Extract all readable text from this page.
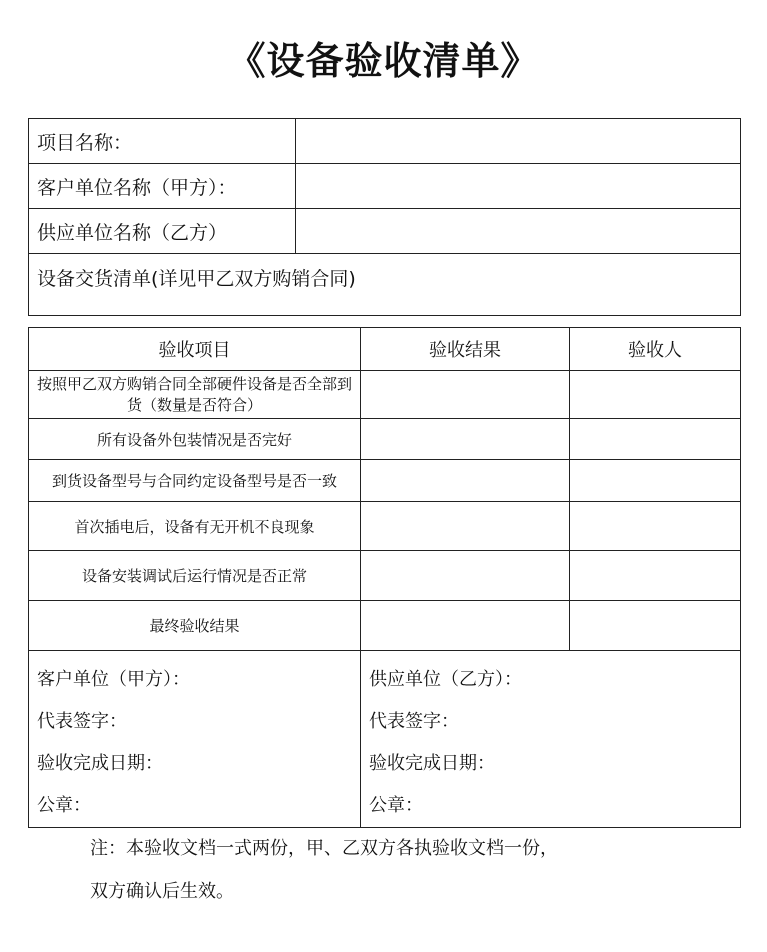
《设备验收清单》
项目名称：	
客户单位名称（甲方）：	
供应单位名称（乙方）	
设备交货清单(详见甲乙双方购销合同)	
验收项目	验收结果	验收人
按照甲乙双方购销合同全部硬件设备是否全部到货（数量是否符合）		
所有设备外包装情况是否完好		
到货设备型号与合同约定设备型号是否一致		
首次插电后，设备有无开机不良现象		
设备安装调试后运行情况是否正常		
最终验收结果		
客户单位（甲方）：
代表签字：
验收完成日期：
公章：

供应单位（乙方）：
代表签字：
验收完成日期：
公章：
注：本验收文档一式两份，甲、乙双方各执验收文档一份，
双方确认后生效。
